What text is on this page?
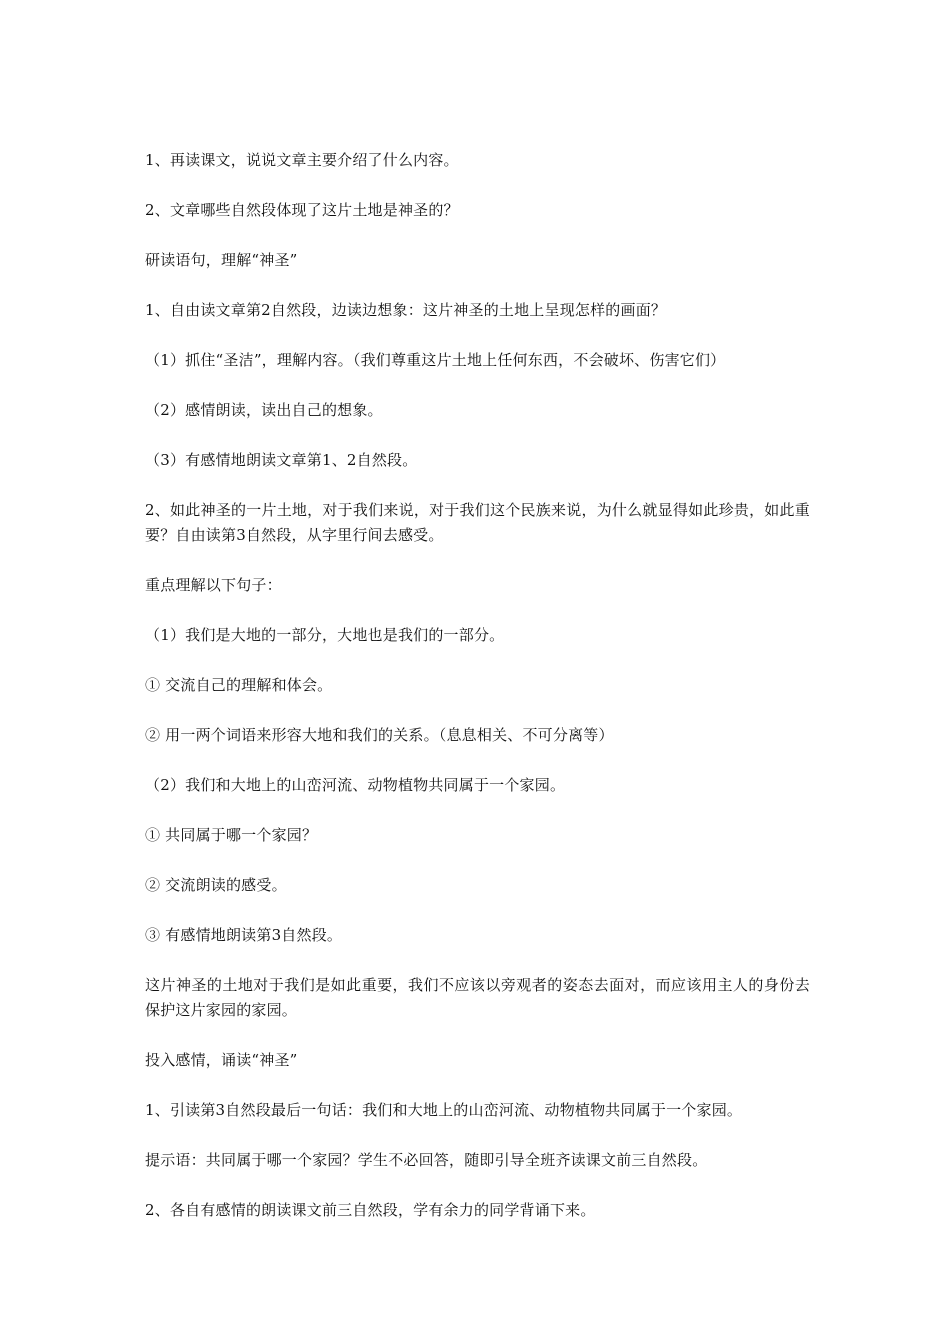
1、再读课文，说说文章主要介绍了什么内容。

2、文章哪些自然段体现了这片土地是神圣的？

研读语句，理解“神圣”

1、自由读文章第2自然段，边读边想象：这片神圣的土地上呈现怎样的画面？

（1）抓住“圣洁”，理解内容。（我们尊重这片土地上任何东西，不会破坏、伤害它们）

（2）感情朗读，读出自己的想象。

（3）有感情地朗读文章第1、2自然段。

2、如此神圣的一片土地，对于我们来说，对于我们这个民族来说，为什么就显得如此珍贵，如此重要？自由读第3自然段，从字里行间去感受。

重点理解以下句子：

（1）我们是大地的一部分，大地也是我们的一部分。

① 交流自己的理解和体会。

② 用一两个词语来形容大地和我们的关系。（息息相关、不可分离等）

（2）我们和大地上的山峦河流、动物植物共同属于一个家园。

① 共同属于哪一个家园？

② 交流朗读的感受。

③ 有感情地朗读第3自然段。

这片神圣的土地对于我们是如此重要，我们不应该以旁观者的姿态去面对，而应该用主人的身份去保护这片家园的家园。

投入感情，诵读“神圣”

1、引读第3自然段最后一句话：我们和大地上的山峦河流、动物植物共同属于一个家园。

提示语：共同属于哪一个家园？学生不必回答，随即引导全班齐读课文前三自然段。

2、各自有感情的朗读课文前三自然段，学有余力的同学背诵下来。
